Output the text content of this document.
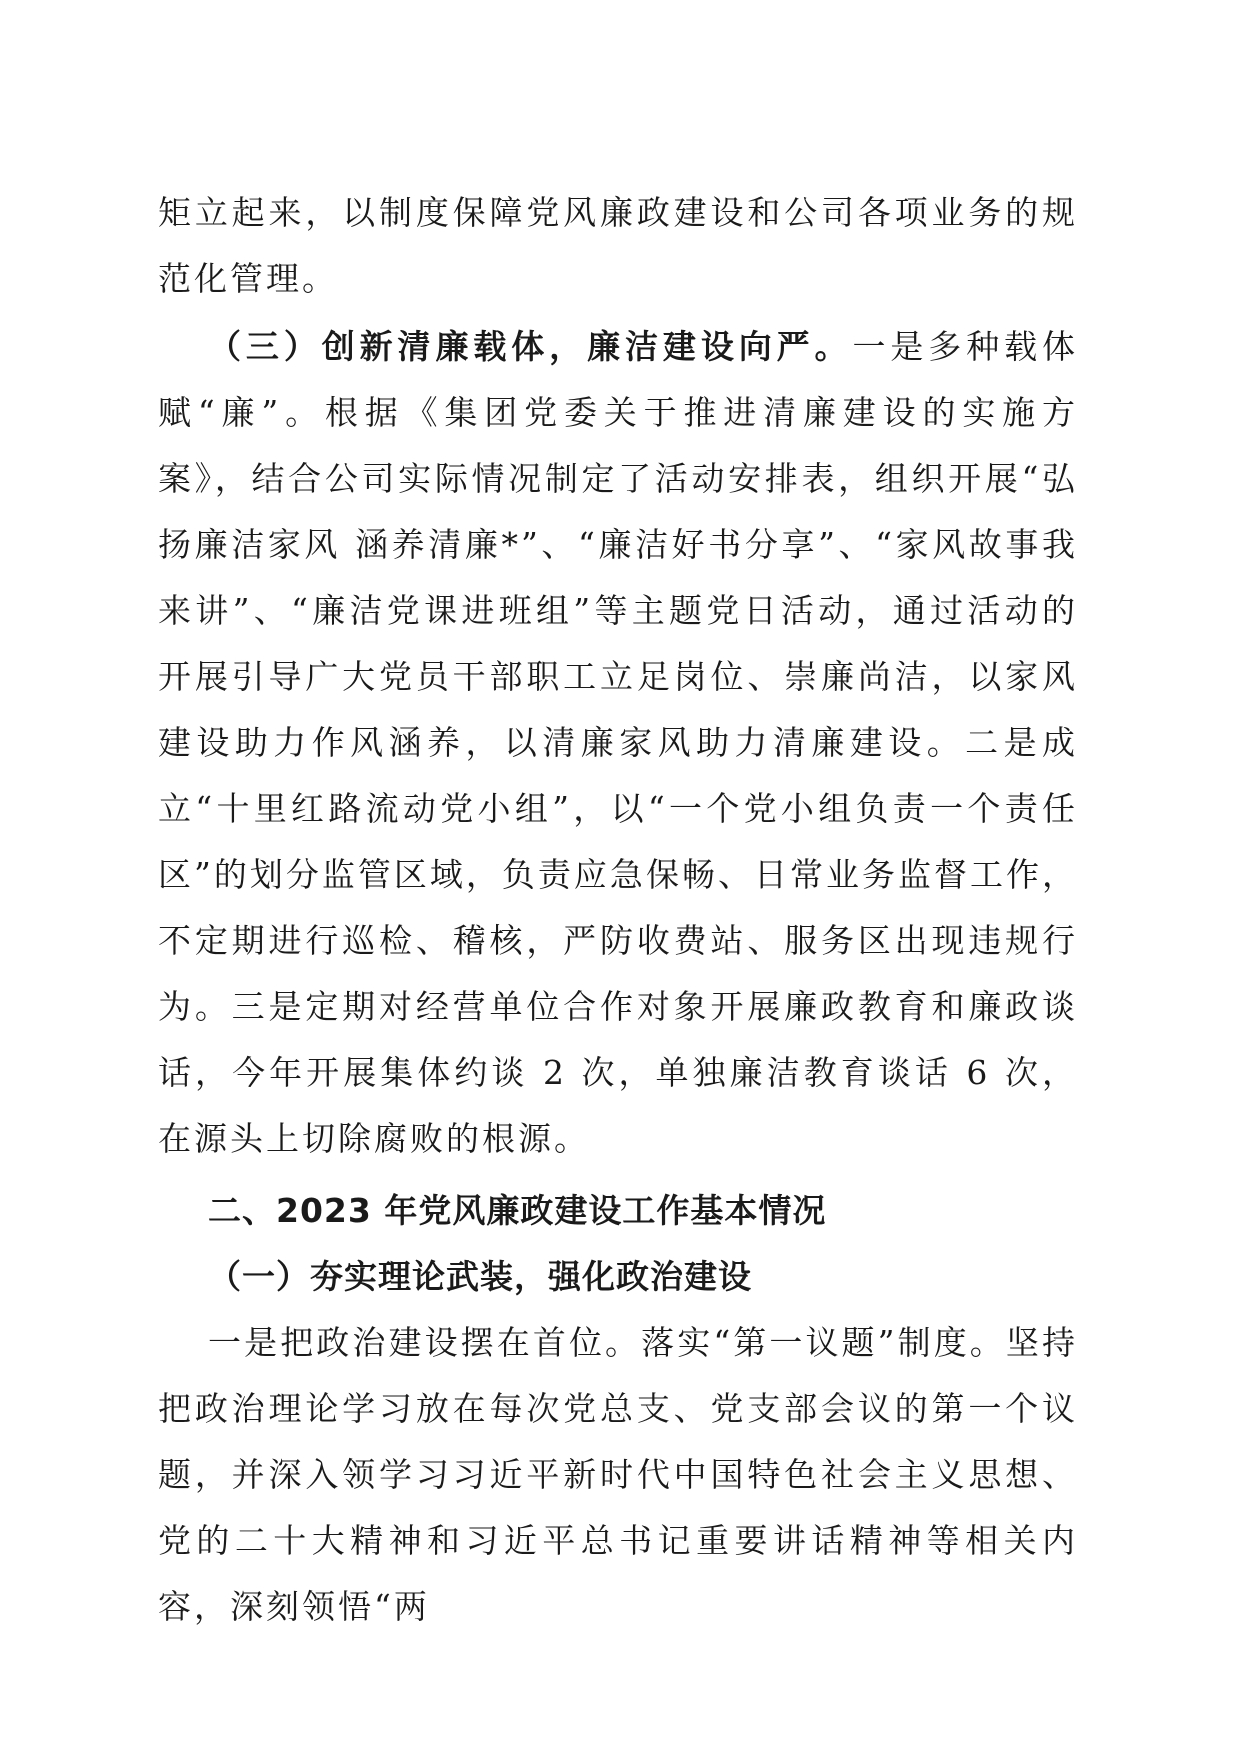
矩立起来，以制度保障党风廉政建设和公司各项业务的规范化管理。

（三）创新清廉载体，廉洁建设向严。一是多种载体赋“廉”。根据《集团党委关于推进清廉建设的实施方案》，结合公司实际情况制定了活动安排表，组织开展“弘扬廉洁家风 涵养清廉*”、“廉洁好书分享”、“家风故事我来讲”、“廉洁党课进班组”等主题党日活动，通过活动的开展引导广大党员干部职工立足岗位、崇廉尚洁，以家风建设助力作风涵养，以清廉家风助力清廉建设。二是成立“十里红路流动党小组”，以“一个党小组负责一个责任区”的划分监管区域，负责应急保畅、日常业务监督工作，不定期进行巡检、稽核，严防收费站、服务区出现违规行为。三是定期对经营单位合作对象开展廉政教育和廉政谈话，今年开展集体约谈 2 次，单独廉洁教育谈话 6 次，在源头上切除腐败的根源。

二、2023 年党风廉政建设工作基本情况

（一）夯实理论武装，强化政治建设

一是把政治建设摆在首位。落实“第一议题”制度。坚持把政治理论学习放在每次党总支、党支部会议的第一个议题，并深入领学习习近平新时代中国特色社会主义思想、党的二十大精神和习近平总书记重要讲话精神等相关内容，深刻领悟“两
